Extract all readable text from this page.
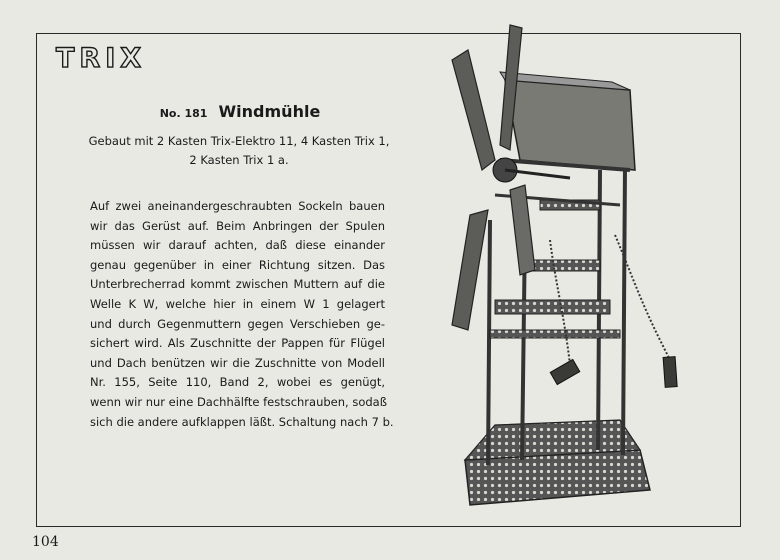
TRIX
No. 181 Windmühle
Gebaut mit 2 Kasten Trix-Elektro 11, 4 Kasten Trix 1,
2 Kasten Trix 1 a.
Auf zwei aneinandergeschraubten Sockeln bauen
wir das Gerüst auf. Beim Anbringen der Spulen
müssen wir darauf achten, daß diese einander
genau gegenüber in einer Richtung sitzen. Das
Unterbrecherrad kommt zwischen Muttern auf die
Welle K W, welche hier in einem W 1 gelagert
und durch Gegenmuttern gegen Verschieben ge-
sichert wird. Als Zuschnitte der Pappen für Flügel
und Dach benützen wir die Zuschnitte von Modell
Nr. 155, Seite 110, Band 2, wobei es genügt,
wenn wir nur eine Dachhälfte festschrauben, sodaß
sich die andere aufklappen läßt. Schaltung nach 7 b.
104
